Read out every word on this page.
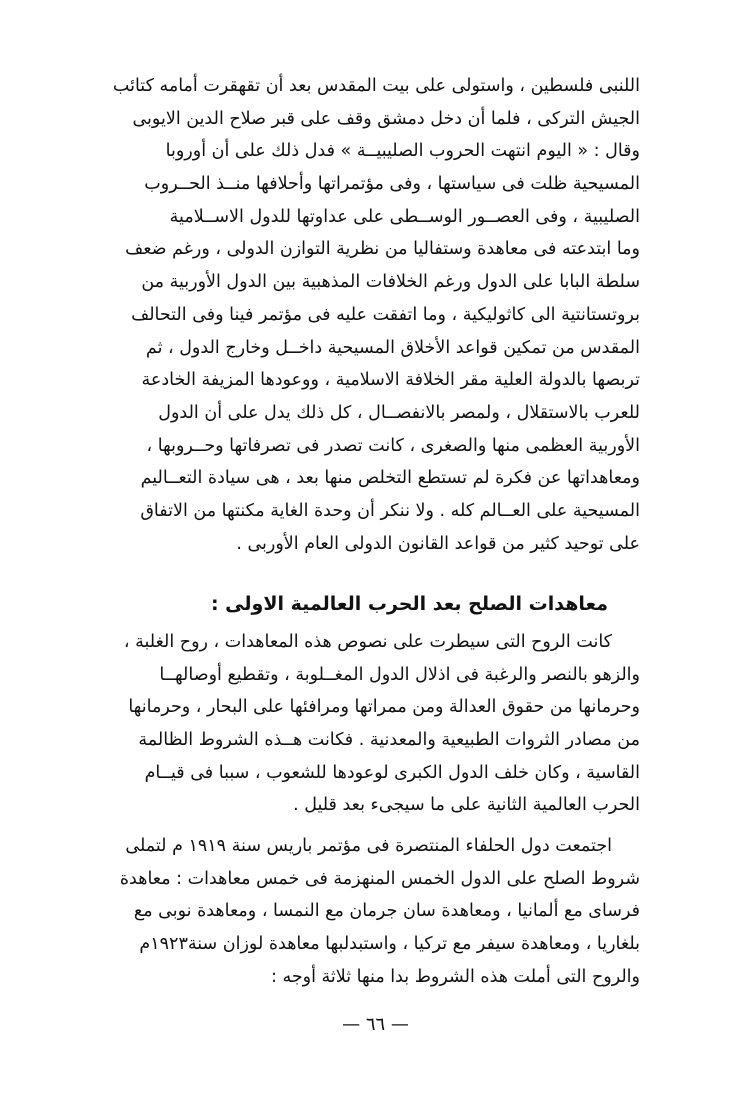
اللنبى فلسطين ، واستولى على بيت المقدس بعد أن تقهقرت أمامه كتائب
الجيش التركى ، فلما أن دخل دمشق وقف على قبر صلاح الدين الايوبى
وقال : « اليوم انتهت الحروب الصليبيــة » فدل ذلك على أن أوروبا
المسيحية ظلت فى سياستها ، وفى مؤتمراتها وأحلافها منــذ الحــروب
الصليبية ، وفى العصــور الوســطى على عداوتها للدول الاســلامية
وما ابتدعته فى معاهدة وستفاليا من نظرية التوازن الدولى ، ورغم ضعف
سلطة البابا على الدول ورغم الخلافات المذهبية بين الدول الأوربية من
بروتستانتية الى كاثوليكية ، وما اتفقت عليه فى مؤتمر فينا وفى التحالف
المقدس من تمكين قواعد الأخلاق المسيحية داخــل وخارج الدول ، ثم
تربصها بالدولة العلية مقر الخلافة الاسلامية ، ووعودها المزيفة الخادعة
للعرب بالاستقلال ، ولمصر بالانفصــال ، كل ذلك يدل على أن الدول
الأوربية العظمى منها والصغرى ، كانت تصدر فى تصرفاتها وحــروبها ،
ومعاهداتها عن فكرة لم تستطع التخلص منها بعد ، هى سيادة التعــاليم
المسيحية على العــالم كله . ولا ننكر أن وحدة الغاية مكنتها من الاتفاق
على توحيد كثير من قواعد القانون الدولى العام الأوربى .
معاهدات الصلح بعد الحرب العالمية الاولى :
كانت الروح التى سيطرت على نصوص هذه المعاهدات ، روح الغلبة ،
والزهو بالنصر والرغبة فى اذلال الدول المغــلوبة ، وتقطيع أوصالهــا
وحرمانها من حقوق العدالة ومن ممراتها ومرافئها على البحار ، وحرمانها
من مصادر الثروات الطبيعية والمعدنية . فكانت هــذه الشروط الظالمة
القاسية ، وكان خلف الدول الكبرى لوعودها للشعوب ، سببا فى قيــام
الحرب العالمية الثانية على ما سيجىء بعد قليل .
اجتمعت دول الحلفاء المنتصرة فى مؤتمر باريس سنة ١٩١٩ م لتملى
شروط الصلح على الدول الخمس المنهزمة فى خمس معاهدات : معاهدة
فرساى مع ألمانيا ، ومعاهدة سان جرمان مع النمسا ، ومعاهدة نوبى مع
بلغاريا ، ومعاهدة سيفر مع تركيا ، واستبدلبها معاهدة لوزان سنة١٩٢٣م
والروح التى أملت هذه الشروط بدا منها ثلاثة أوجه :
— ٦٦ —
